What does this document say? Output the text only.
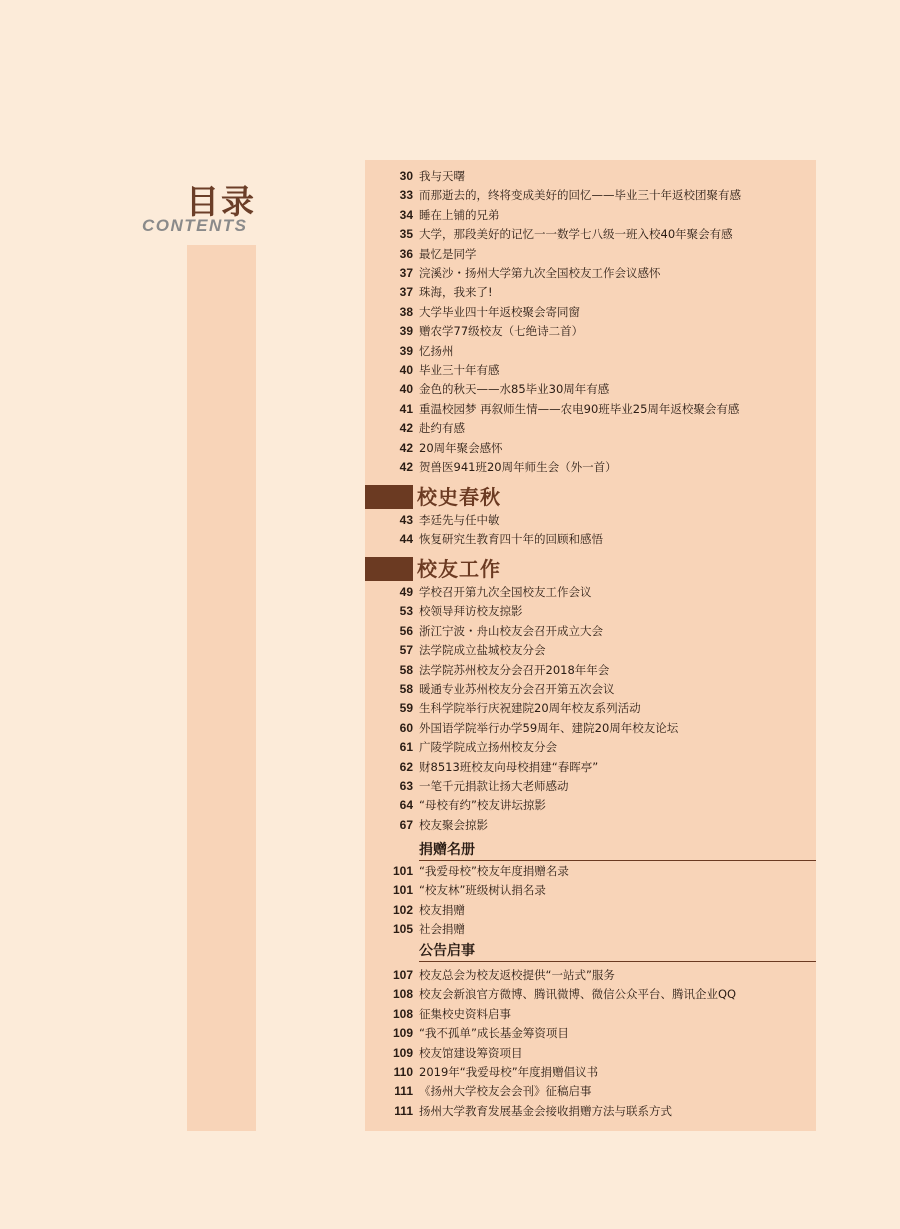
目录
CONTENTS
30 我与天曙
33 而那逝去的，终将变成美好的回忆——毕业三十年返校团聚有感
34 睡在上铺的兄弟
35 大学，那段美好的记忆一一数学七八级一班入校40年聚会有感
36 最忆是同学
37 浣溪沙・扬州大学第九次全国校友工作会议感怀
37 珠海，我来了!
38 大学毕业四十年返校聚会寄同窗
39 赠农学77级校友（七绝诗二首）
39 忆扬州
40 毕业三十年有感
40 金色的秋天——水85毕业30周年有感
41 重温校园梦 再叙师生情——农电90班毕业25周年返校聚会有感
42 赴约有感
42 20周年聚会感怀
42 贺兽医941班20周年师生会（外一首）
校史春秋
43 李廷先与任中敏
44 恢复研究生教育四十年的回顾和感悟
校友工作
49 学校召开第九次全国校友工作会议
53 校领导拜访校友掠影
56 浙江宁波・舟山校友会召开成立大会
57 法学院成立盐城校友分会
58 法学院苏州校友分会召开2018年年会
58 暖通专业苏州校友分会召开第五次会议
59 生科学院举行庆祝建院20周年校友系列活动
60 外国语学院举行办学59周年、建院20周年校友论坛
61 广陵学院成立扬州校友分会
62 财8513班校友向母校捐建“春晖亭”
63 一笔千元捐款让扬大老师感动
64 “母校有约”校友讲坛掠影
67 校友聚会掠影
捐赠名册
101 “我爱母校”校友年度捐赠名录
101 “校友林”班级树认捐名录
102 校友捐赠
105 社会捐赠
公告启事
107 校友总会为校友返校提供“一站式”服务
108 校友会新浪官方微博、腾讯微博、微信公众平台、腾讯企业QQ
108 征集校史资料启事
109 “我不孤单”成长基金筹资项目
109 校友馆建设筹资项目
110 2019年“我爱母校”年度捐赠倡议书
111 《扬州大学校友会会刊》征稿启事
111 扬州大学教育发展基金会接收捐赠方法与联系方式
